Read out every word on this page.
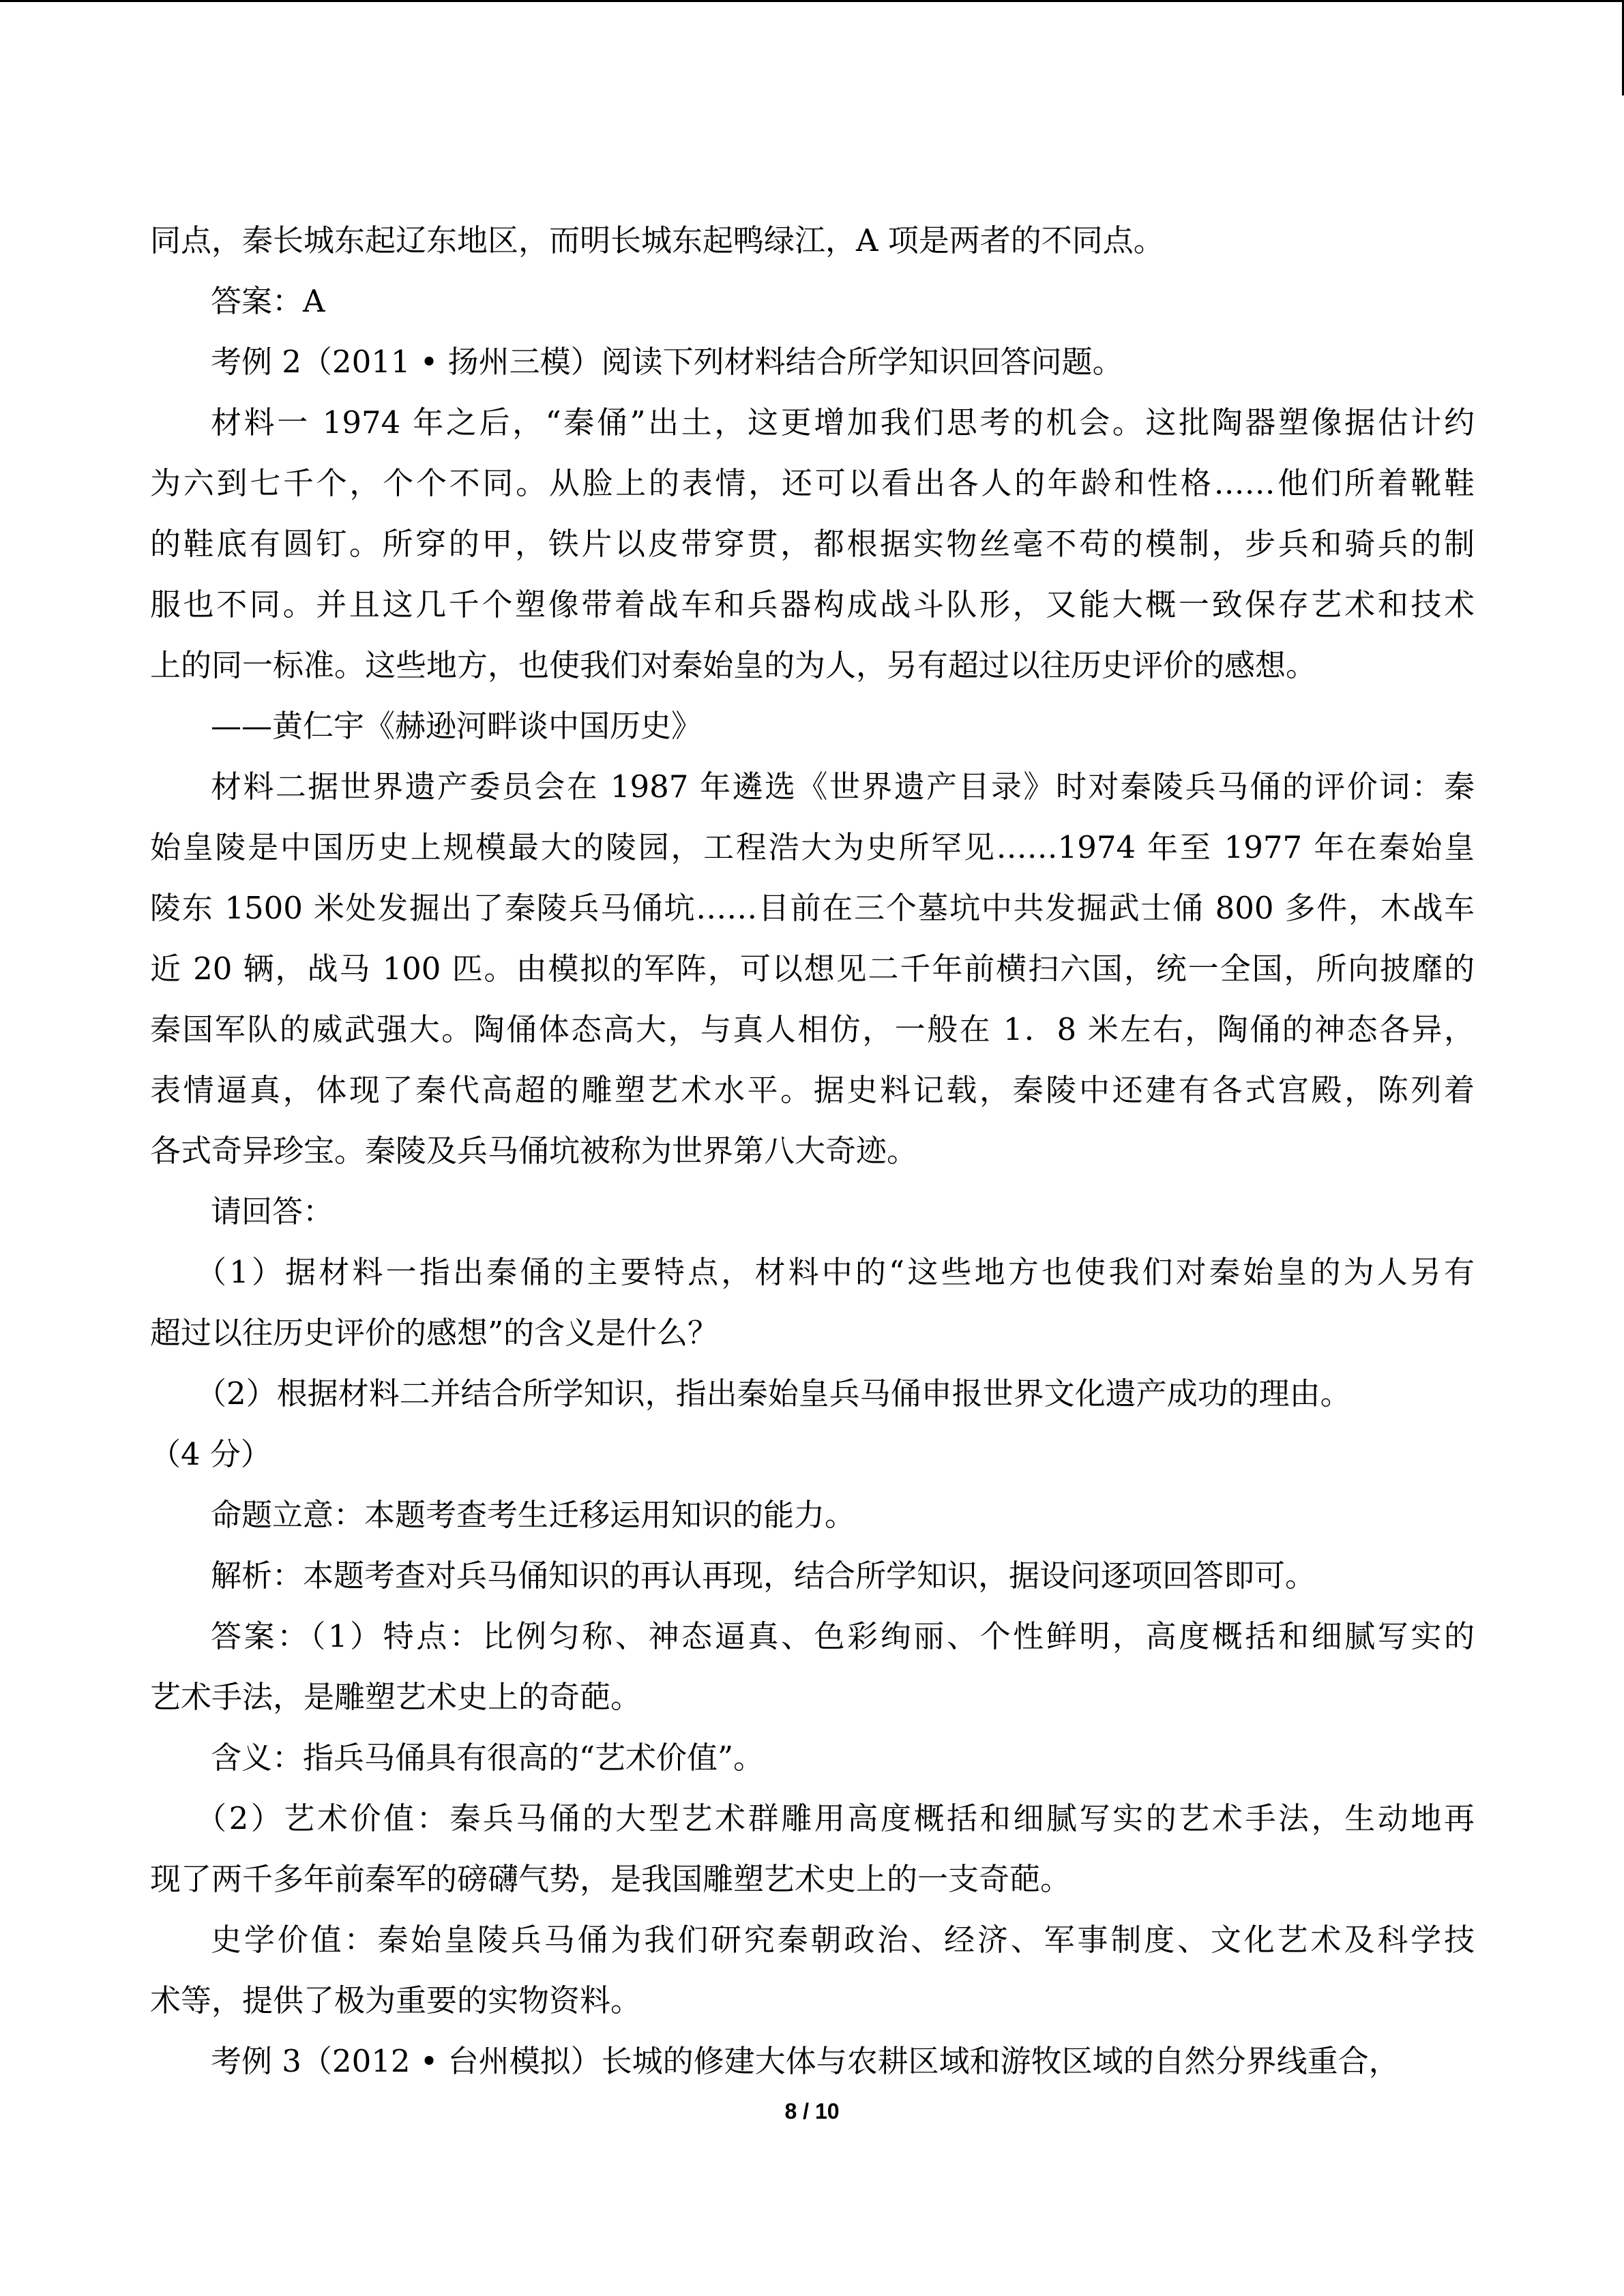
同点，秦长城东起辽东地区，而明长城东起鸭绿江，A 项是两者的不同点。
答案：A
考例 2（2011 • 扬州三模）阅读下列材料结合所学知识回答问题。
材料一 1974 年之后，“秦俑”出土，这更增加我们思考的机会。这批陶器塑像据估计约
为六到七千个，个个不同。从脸上的表情，还可以看出各人的年龄和性格……他们所着靴鞋
的鞋底有圆钉。所穿的甲，铁片以皮带穿贯，都根据实物丝毫不苟的模制，步兵和骑兵的制
服也不同。并且这几千个塑像带着战车和兵器构成战斗队形，又能大概一致保存艺术和技术
上的同一标准。这些地方，也使我们对秦始皇的为人，另有超过以往历史评价的感想。
——黄仁宇《赫逊河畔谈中国历史》
材料二据世界遗产委员会在 1987 年遴选《世界遗产目录》时对秦陵兵马俑的评价词：秦
始皇陵是中国历史上规模最大的陵园，工程浩大为史所罕见……1974 年至 1977 年在秦始皇
陵东 1500 米处发掘出了秦陵兵马俑坑……目前在三个墓坑中共发掘武士俑 800 多件，木战车
近 20 辆，战马 100 匹。由模拟的军阵，可以想见二千年前横扫六国，统一全国，所向披靡的
秦国军队的威武强大。陶俑体态高大，与真人相仿，一般在 1．8 米左右，陶俑的神态各异，
表情逼真，体现了秦代高超的雕塑艺术水平。据史料记载，秦陵中还建有各式宫殿，陈列着
各式奇异珍宝。秦陵及兵马俑坑被称为世界第八大奇迹。
请回答：
（1）据材料一指出秦俑的主要特点，材料中的“这些地方也使我们对秦始皇的为人另有
超过以往历史评价的感想”的含义是什么？
（2）根据材料二并结合所学知识，指出秦始皇兵马俑申报世界文化遗产成功的理由。
（4 分）
命题立意：本题考查考生迁移运用知识的能力。
解析：本题考查对兵马俑知识的再认再现，结合所学知识，据设问逐项回答即可。
答案：（1）特点：比例匀称、神态逼真、色彩绚丽、个性鲜明，高度概括和细腻写实的
艺术手法，是雕塑艺术史上的奇葩。
含义：指兵马俑具有很高的“艺术价值”。
（2）艺术价值：秦兵马俑的大型艺术群雕用高度概括和细腻写实的艺术手法，生动地再
现了两千多年前秦军的磅礴气势，是我国雕塑艺术史上的一支奇葩。
史学价值：秦始皇陵兵马俑为我们研究秦朝政治、经济、军事制度、文化艺术及科学技
术等，提供了极为重要的实物资料。
考例 3（2012 • 台州模拟）长城的修建大体与农耕区域和游牧区域的自然分界线重合，
8 / 10
